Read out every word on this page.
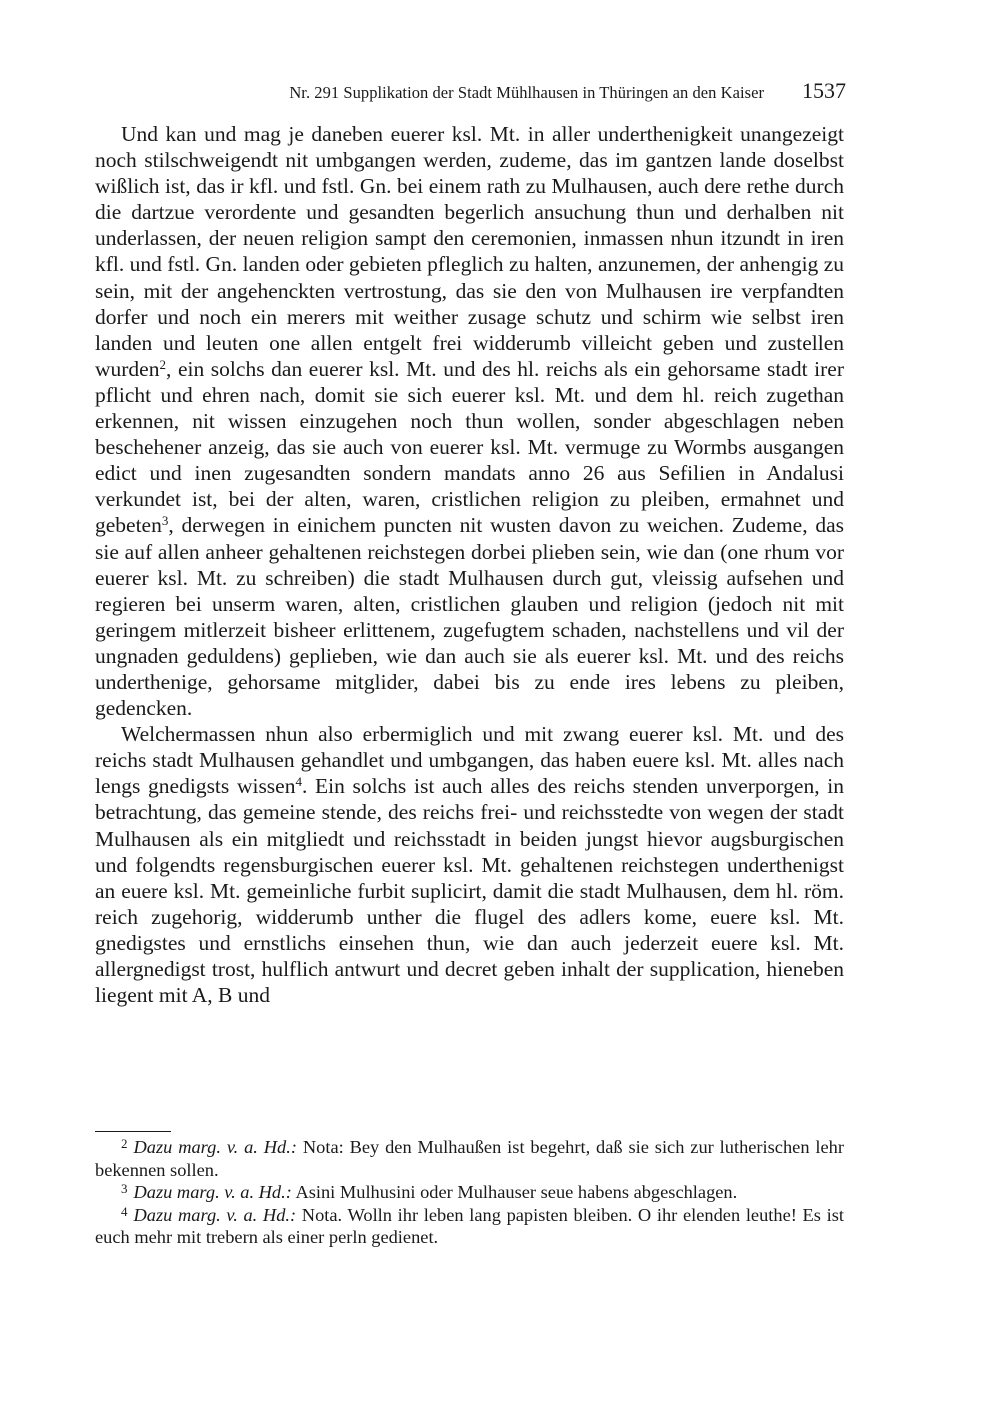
Nr. 291 Supplikation der Stadt Mühlhausen in Thüringen an den Kaiser 1537

Und kan und mag je daneben euerer ksl. Mt. in aller underthenigkeit unangezeigt noch stilschweigendt nit umbgangen werden, zudeme, das im gantzen lande doselbst wißlich ist, das ir kfl. und fstl. Gn. bei einem rath zu Mulhausen, auch dere rethe durch die dartzue verordente und gesandten begerlich ansuchung thun und derhalben nit underlassen, der neuen religion sampt den ceremonien, inmassen nhun itzundt in iren kfl. und fstl. Gn. landen oder gebieten pfleglich zu halten, anzunemen, der anhengig zu sein, mit der angehenckten vertrostung, das sie den von Mulhausen ire verpfandten dorfer und noch ein merers mit weither zusage schutz und schirm wie selbst iren landen und leuten one allen entgelt frei widderumb villeicht geben und zustellen wurden$^2$, ein solchs dan euerer ksl. Mt. und des hl. reichs als ein gehorsame stadt irer pflicht und ehren nach, domit sie sich euerer ksl. Mt. und dem hl. reich zugethan erkennen, nit wissen einzugehen noch thun wollen, sonder abgeschlagen neben beschehener anzeig, das sie auch von euerer ksl. Mt. vermuge zu Wormbs ausgangen edict und inen zugesandten sondern mandats anno 26 aus Sefilien in Andalusi verkundet ist, bei der alten, waren, cristlichen religion zu pleiben, ermahnet und gebeten$^3$, derwegen in einichem puncten nit wusten davon zu weichen. Zudeme, das sie auf allen anheer gehaltenen reichstegen dorbei plieben sein, wie dan (one rhum vor euerer ksl. Mt. zu schreiben) die stadt Mulhausen durch gut, vleissig aufsehen und regieren bei unserm waren, alten, cristlichen glauben und religion (jedoch nit mit geringem mitlerzeit bisheer erlittenem, zugefugtem schaden, nachstellens und vil der ungnaden geduldens) geplieben, wie dan auch sie als euerer ksl. Mt. und des reichs underthenige, gehorsame mitglider, dabei bis zu ende ires lebens zu pleiben, gedencken.

Welchermassen nhun also erbermiglich und mit zwang euerer ksl. Mt. und des reichs stadt Mulhausen gehandlet und umbgangen, das haben euere ksl. Mt. alles nach lengs gnedigsts wissen$^4$. Ein solchs ist auch alles des reichs stenden unverporgen, in betrachtung, das gemeine stende, des reichs frei- und reichsstedte von wegen der stadt Mulhausen als ein mitgliedt und reichsstadt in beiden jungst hievor augsburgischen und folgendts regensburgischen euerer ksl. Mt. gehaltenen reichstegen underthenigst an euere ksl. Mt. gemeinliche furbit suplicirt, damit die stadt Mulhausen, dem hl. röm. reich zugehorig, widderumb unther die flugel des adlers kome, euere ksl. Mt. gnedigstes und ernstlichs einsehen thun, wie dan auch jederzeit euere ksl. Mt. allergnedigst trost, hulflich antwurt und decret geben inhalt der supplication, hieneben liegent mit A, B und

$^2$ Dazu marg. v. a. Hd.: Nota: Bey den Mulhaußen ist begehrt, daß sie sich zur lutherischen lehr bekennen sollen.

$^3$ Dazu marg. v. a. Hd.: Asini Mulhusini oder Mulhauser seue habens abgeschlagen.

$^4$ Dazu marg. v. a. Hd.: Nota. Wolln ihr leben lang papisten bleiben. O ihr elenden leuthe! Es ist euch mehr mit trebern als einer perln gedienet.
